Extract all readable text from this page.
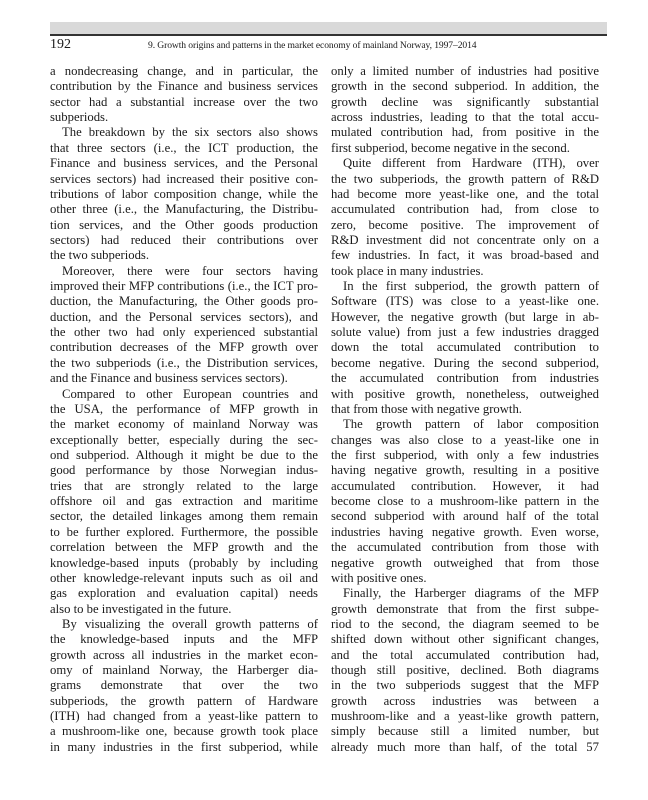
192	9. Growth origins and patterns in the market economy of mainland Norway, 1997–2014
a nondecreasing change, and in particular, the
contribution by the Finance and business services
sector had a substantial increase over the two
subperiods.
The breakdown by the six sectors also shows
that three sectors (i.e., the ICT production, the
Finance and business services, and the Personal
services sectors) had increased their positive con-
tributions of labor composition change, while the
other three (i.e., the Manufacturing, the Distribu-
tion services, and the Other goods production
sectors) had reduced their contributions over
the two subperiods.
Moreover, there were four sectors having
improved their MFP contributions (i.e., the ICT pro-
duction, the Manufacturing, the Other goods pro-
duction, and the Personal services sectors), and
the other two had only experienced substantial
contribution decreases of the MFP growth over
the two subperiods (i.e., the Distribution services,
and the Finance and business services sectors).
Compared to other European countries and
the USA, the performance of MFP growth in
the market economy of mainland Norway was
exceptionally better, especially during the sec-
ond subperiod. Although it might be due to the
good performance by those Norwegian indus-
tries that are strongly related to the large
offshore oil and gas extraction and maritime
sector, the detailed linkages among them remain
to be further explored. Furthermore, the possible
correlation between the MFP growth and the
knowledge-based inputs (probably by including
other knowledge-relevant inputs such as oil and
gas exploration and evaluation capital) needs
also to be investigated in the future.
By visualizing the overall growth patterns of
the knowledge-based inputs and the MFP
growth across all industries in the market econ-
omy of mainland Norway, the Harberger dia-
grams demonstrate that over the two
subperiods, the growth pattern of Hardware
(ITH) had changed from a yeast-like pattern to
a mushroom-like one, because growth took place
in many industries in the first subperiod, while
only a limited number of industries had positive
growth in the second subperiod. In addition, the
growth decline was significantly substantial
across industries, leading to that the total accu-
mulated contribution had, from positive in the
first subperiod, become negative in the second.
Quite different from Hardware (ITH), over
the two subperiods, the growth pattern of R&D
had become more yeast-like one, and the total
accumulated contribution had, from close to
zero, become positive. The improvement of
R&D investment did not concentrate only on a
few industries. In fact, it was broad-based and
took place in many industries.
In the first subperiod, the growth pattern of
Software (ITS) was close to a yeast-like one.
However, the negative growth (but large in ab-
solute value) from just a few industries dragged
down the total accumulated contribution to
become negative. During the second subperiod,
the accumulated contribution from industries
with positive growth, nonetheless, outweighed
that from those with negative growth.
The growth pattern of labor composition
changes was also close to a yeast-like one in
the first subperiod, with only a few industries
having negative growth, resulting in a positive
accumulated contribution. However, it had
become close to a mushroom-like pattern in the
second subperiod with around half of the total
industries having negative growth. Even worse,
the accumulated contribution from those with
negative growth outweighed that from those
with positive ones.
Finally, the Harberger diagrams of the MFP
growth demonstrate that from the first subpe-
riod to the second, the diagram seemed to be
shifted down without other significant changes,
and the total accumulated contribution had,
though still positive, declined. Both diagrams
in the two subperiods suggest that the MFP
growth across industries was between a
mushroom-like and a yeast-like growth pattern,
simply because still a limited number, but
already much more than half, of the total 57
